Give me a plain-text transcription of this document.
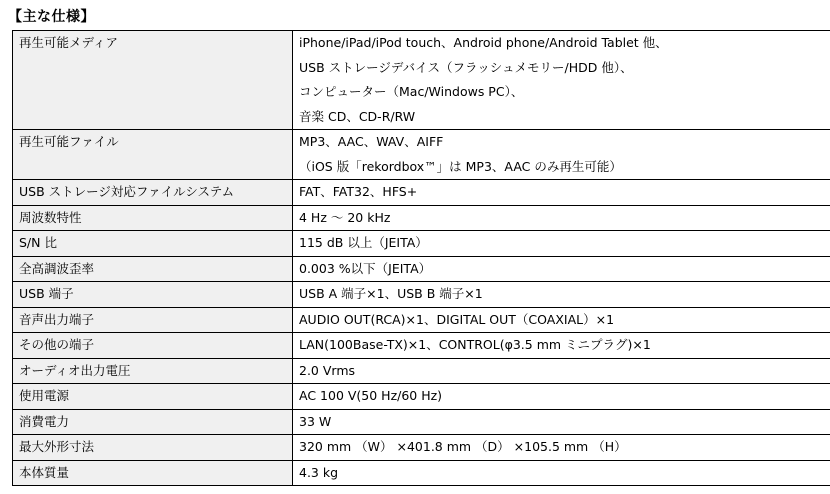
【主な仕様】
再生可能メディア	iPhone/iPad/iPod touch、Android phone/Android Tablet 他、
USB ストレージデバイス（フラッシュメモリー/HDD 他）、
コンピューター（Mac/Windows PC）、
音楽 CD、CD-R/RW

再生可能ファイル	MP3、AAC、WAV、AIFF
（iOS 版「rekordbox™」は MP3、AAC のみ再生可能）

USB ストレージ対応ファイルシステム	FAT、FAT32、HFS+

周波数特性	4 Hz ～ 20 kHz

S/N 比	115 dB 以上（JEITA）

全高調波歪率	0.003 %以下（JEITA）

USB 端子	USB A 端子×1、USB B 端子×1

音声出力端子	AUDIO OUT(RCA)×1、DIGITAL OUT（COAXIAL）×1

その他の端子	LAN(100Base-TX)×1、CONTROL(φ3.5 mm ミニプラグ)×1

オーディオ出力電圧	2.0 Vrms

使用電源	AC 100 V(50 Hz/60 Hz)

消費電力	33 W

最大外形寸法	320 mm （W） ×401.8 mm （D） ×105.5 mm （H）

本体質量	4.3 kg
